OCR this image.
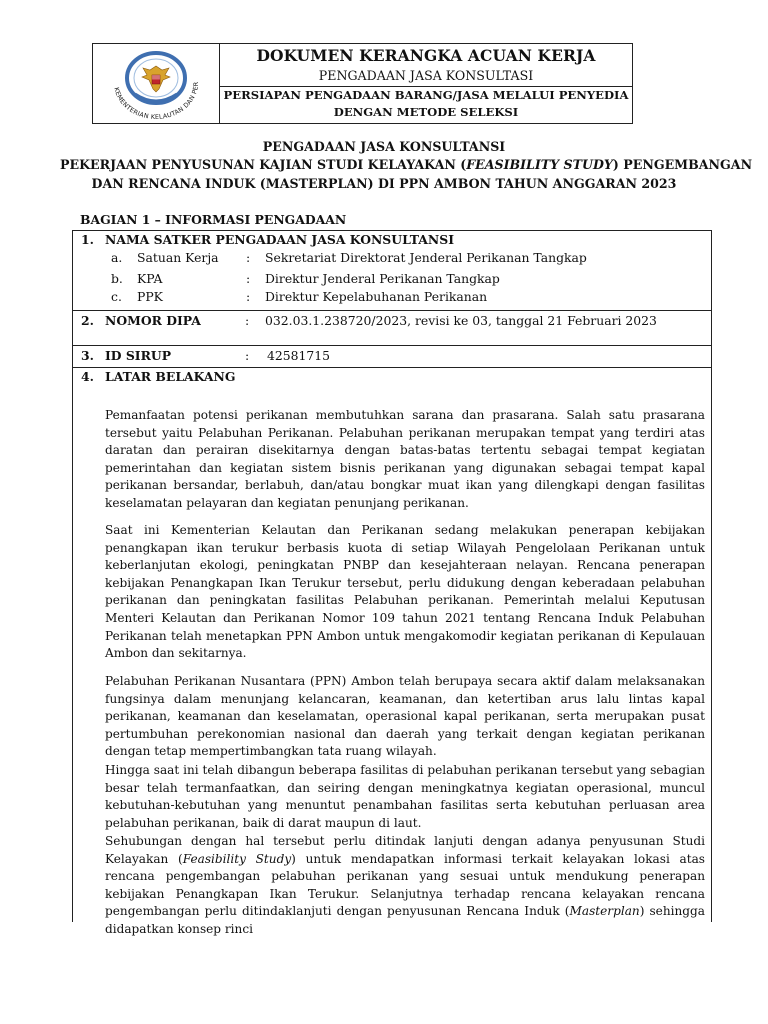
KEMENTERIAN KELAUTAN DAN PER
DOKUMEN KERANGKA ACUAN KERJA
PENGADAAN JASA KONSULTASI
PERSIAPAN PENGADAAN BARANG/JASA MELALUI PENYEDIA
DENGAN METODE SELEKSI
PENGADAAN JASA KONSULTANSI
PEKERJAAN PENYUSUNAN KAJIAN STUDI KELAYAKAN (FEASIBILITY STUDY) PENGEMBANGAN
DAN RENCANA INDUK (MASTERPLAN) DI PPN AMBON TAHUN ANGGARAN 2023
BAGIAN 1 – INFORMASI PENGADAAN
1. NAMA SATKER PENGADAAN JASA KONSULTANSI
a. Satuan Kerja : Sekretariat Direktorat Jenderal Perikanan Tangkap
b. KPA	: Direktur Jenderal Perikanan Tangkap
c. PPK	: Direktur Kepelabuhanan Perikanan
2. NOMOR DIPA	: 032.03.1.238720/2023, revisi ke 03, tanggal 21 Februari 2023
3. ID SIRUP	: 42581715
4. LATAR BELAKANG
Pemanfaatan potensi perikanan membutuhkan sarana dan prasarana. Salah satu prasarana tersebut yaitu Pelabuhan Perikanan. Pelabuhan perikanan merupakan tempat yang terdiri atas daratan dan perairan disekitarnya dengan batas-batas tertentu sebagai tempat kegiatan pemerintahan dan kegiatan sistem bisnis perikanan yang digunakan sebagai tempat kapal perikanan bersandar, berlabuh, dan/atau bongkar muat ikan yang dilengkapi dengan fasilitas keselamatan pelayaran dan kegiatan penunjang perikanan.
Saat ini Kementerian Kelautan dan Perikanan sedang melakukan penerapan kebijakan penangkapan ikan terukur berbasis kuota di setiap Wilayah Pengelolaan Perikanan untuk keberlanjutan ekologi, peningkatan PNBP dan kesejahteraan nelayan. Rencana penerapan kebijakan Penangkapan Ikan Terukur tersebut, perlu didukung dengan keberadaan pelabuhan perikanan dan peningkatan fasilitas Pelabuhan perikanan. Pemerintah melalui Keputusan Menteri Kelautan dan Perikanan Nomor 109 tahun 2021 tentang Rencana Induk Pelabuhan Perikanan telah menetapkan PPN Ambon untuk mengakomodir kegiatan perikanan di Kepulauan Ambon dan sekitarnya.
Pelabuhan Perikanan Nusantara (PPN) Ambon telah berupaya secara aktif dalam melaksanakan fungsinya dalam menunjang kelancaran, keamanan, dan ketertiban arus lalu lintas kapal perikanan, keamanan dan keselamatan, operasional kapal perikanan, serta merupakan pusat pertumbuhan perekonomian nasional dan daerah yang terkait dengan kegiatan perikanan dengan tetap mempertimbangkan tata ruang wilayah.
Hingga saat ini telah dibangun beberapa fasilitas di pelabuhan perikanan tersebut yang sebagian besar telah termanfaatkan, dan seiring dengan meningkatnya kegiatan operasional, muncul kebutuhan-kebutuhan yang menuntut penambahan fasilitas serta kebutuhan perluasan area pelabuhan perikanan, baik di darat maupun di laut.
Sehubungan dengan hal tersebut perlu ditindak lanjuti dengan adanya penyusunan Studi Kelayakan (Feasibility Study) untuk mendapatkan informasi terkait kelayakan lokasi atas rencana pengembangan pelabuhan perikanan yang sesuai untuk mendukung penerapan kebijakan Penangkapan Ikan Terukur. Selanjutnya terhadap rencana kelayakan rencana pengembangan perlu ditindaklanjuti dengan penyusunan Rencana Induk (Masterplan) sehingga didapatkan konsep rinci
